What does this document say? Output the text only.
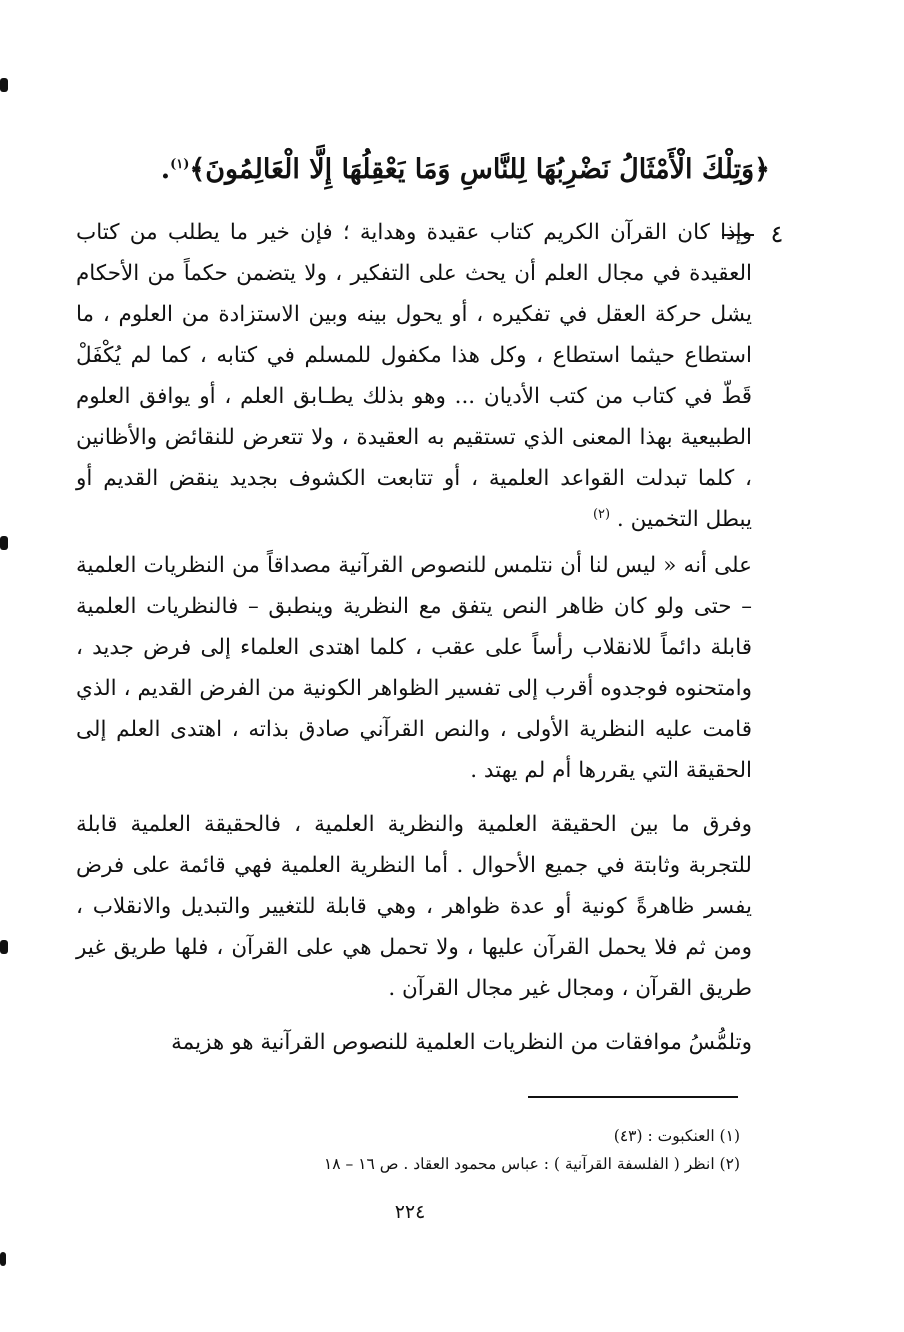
﴿وَتِلْكَ الْأَمْثَالُ نَضْرِبُهَا لِلنَّاسِ وَمَا يَعْقِلُهَا إِلَّا الْعَالِمُونَ﴾$^{(١)}$.
٤
وإذا كان القرآن الكريم كتاب عقيدة وهداية ؛ فإن خير ما يطلب من كتاب العقيدة في مجال العلم أن يحث على التفكير ، ولا يتضمن حكماً من الأحكام يشل حركة العقل في تفكيره ، أو يحول بينه وبين الاستزادة من العلوم ، ما استطاع حيثما استطاع ، وكل هذا مكفول للمسلم في كتابه ، كما لم يُكْفَلْ قَطّ في كتاب من كتب الأديان ... وهو بذلك يطـابق العلم ، أو يوافق العلوم الطبيعية بهذا المعنى الذي تستقيم به العقيدة ، ولا تتعرض للنقائض والأظانين ، كلما تبدلت القواعد العلمية ، أو تتابعت الكشوف بجديد ينقض القديم أو يبطل التخمين . $^{(٢)}$
على أنه « ليس لنا أن نتلمس للنصوص القرآنية مصداقاً من النظريات العلمية – حتى ولو كان ظاهر النص يتفق مع النظرية وينطبق – فالنظريات العلمية قابلة دائماً للانقلاب رأساً على عقب ، كلما اهتدى العلماء إلى فرض جديد ، وامتحنوه فوجدوه أقرب إلى تفسير الظواهر الكونية من الفرض القديم ، الذي قامت عليه النظرية الأولى ، والنص القرآني صادق بذاته ، اهتدى العلم إلى الحقيقة التي يقررها أم لم يهتد .
وفرق ما بين الحقيقة العلمية والنظرية العلمية ، فالحقيقة العلمية قابلة للتجربة وثابتة في جميع الأحوال . أما النظرية العلمية فهي قائمة على فرض يفسر ظاهرةً كونية أو عدة ظواهر ، وهي قابلة للتغيير والتبديل والانقلاب ، ومن ثم فلا يحمل القرآن عليها ، ولا تحمل هي على القرآن ، فلها طريق غير طريق القرآن ، ومجال غير مجال القرآن .
وتلمُّسُ موافقات من النظريات العلمية للنصوص القرآنية هو هزيمة
(١) العنكبوت : (٤٣)
(٢) انظر ( الفلسفة القرآنية ) : عباس محمود العقاد . ص ١٦ – ١٨
٢٢٤
